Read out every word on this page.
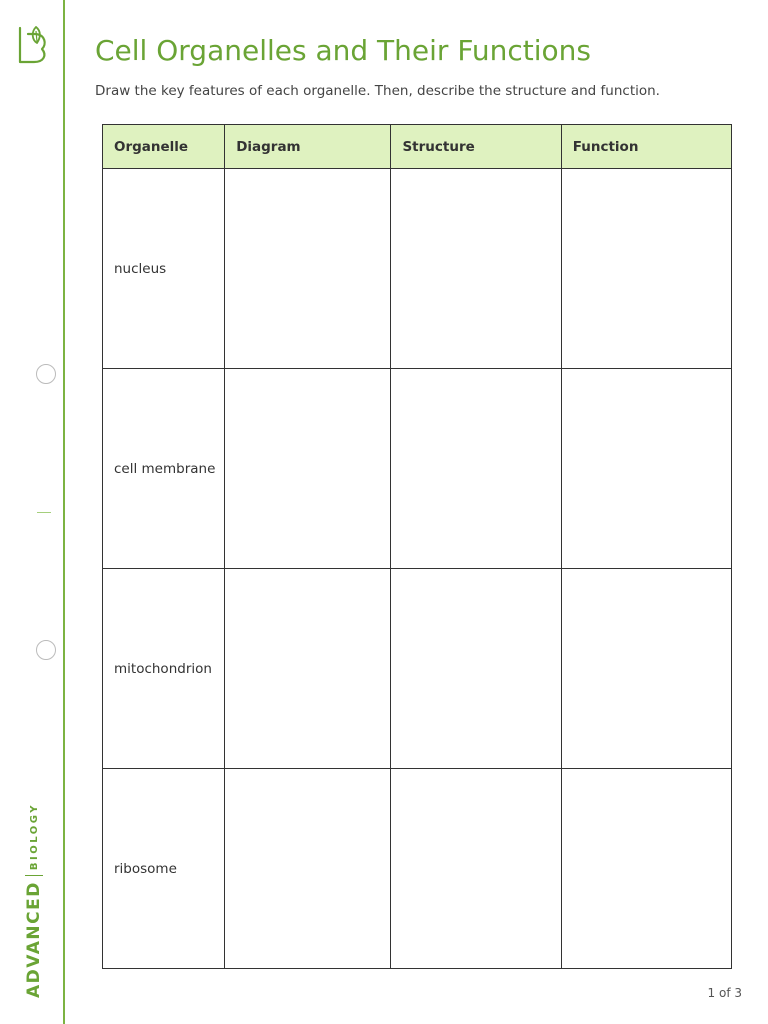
ADVANCED
BIOLOGY
Cell Organelles and Their Functions

Draw the key features of each organelle. Then, describe the structure and function.

Organelle	Diagram	Structure	Function

nucleus			

cell membrane			

mitochondrion			

ribosome			

1 of 3
